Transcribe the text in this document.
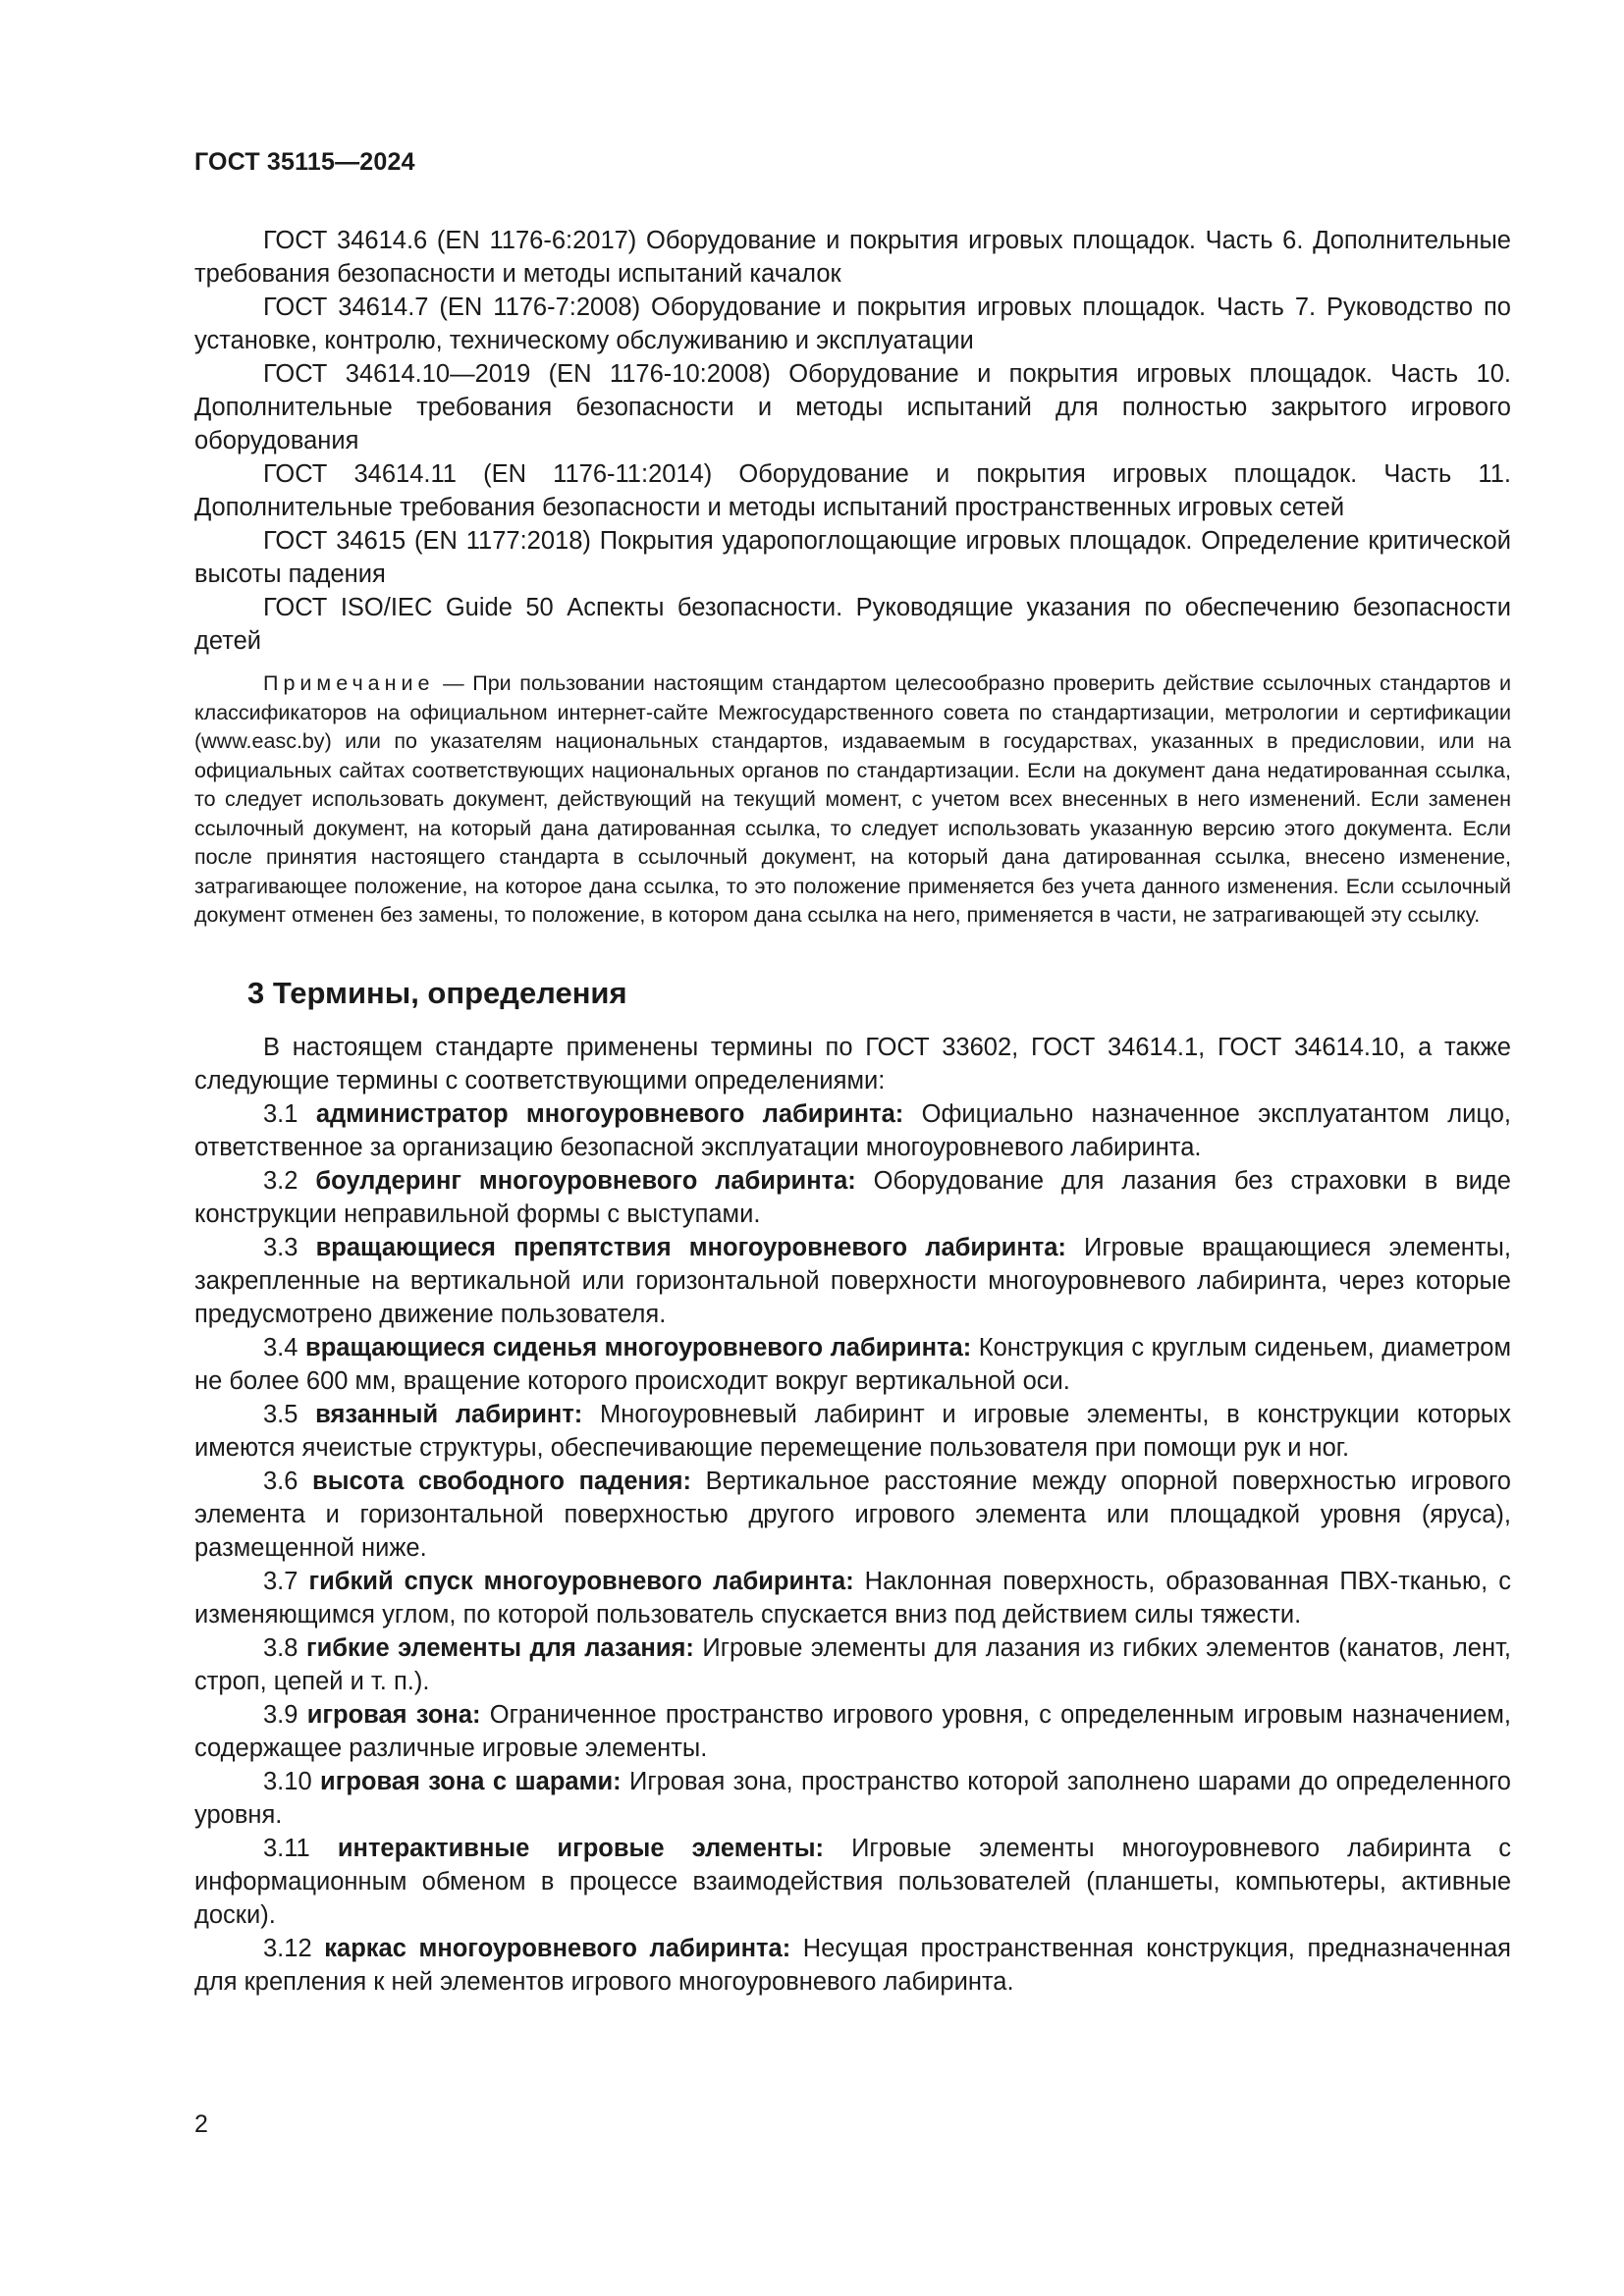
ГОСТ 35115—2024

ГОСТ 34614.6 (EN 1176-6:2017) Оборудование и покрытия игровых площадок. Часть 6. Дополнительные требования безопасности и методы испытаний качалок

ГОСТ 34614.7 (EN 1176-7:2008) Оборудование и покрытия игровых площадок. Часть 7. Руководство по установке, контролю, техническому обслуживанию и эксплуатации

ГОСТ 34614.10—2019 (EN 1176-10:2008) Оборудование и покрытия игровых площадок. Часть 10. Дополнительные требования безопасности и методы испытаний для полностью закрытого игрового оборудования

ГОСТ 34614.11 (EN 1176-11:2014) Оборудование и покрытия игровых площадок. Часть 11. Дополнительные требования безопасности и методы испытаний пространственных игровых сетей

ГОСТ 34615 (EN 1177:2018) Покрытия ударопоглощающие игровых площадок. Определение критической высоты падения

ГОСТ ISO/IEC Guide 50 Аспекты безопасности. Руководящие указания по обеспечению безопасности детей

Примечание — При пользовании настоящим стандартом целесообразно проверить действие ссылочных стандартов и классификаторов на официальном интернет-сайте Межгосударственного совета по стандартизации, метрологии и сертификации (www.easc.by) или по указателям национальных стандартов, издаваемым в государствах, указанных в предисловии, или на официальных сайтах соответствующих национальных органов по стандартизации. Если на документ дана недатированная ссылка, то следует использовать документ, действующий на текущий момент, с учетом всех внесенных в него изменений. Если заменен ссылочный документ, на который дана датированная ссылка, то следует использовать указанную версию этого документа. Если после принятия настоящего стандарта в ссылочный документ, на который дана датированная ссылка, внесено изменение, затрагивающее положение, на которое дана ссылка, то это положение применяется без учета данного изменения. Если ссылочный документ отменен без замены, то положение, в котором дана ссылка на него, применяется в части, не затрагивающей эту ссылку.

3 Термины, определения

В настоящем стандарте применены термины по ГОСТ 33602, ГОСТ 34614.1, ГОСТ 34614.10, а также следующие термины с соответствующими определениями:

3.1 администратор многоуровневого лабиринта: Официально назначенное эксплуатантом лицо, ответственное за организацию безопасной эксплуатации многоуровневого лабиринта.

3.2 боулдеринг многоуровневого лабиринта: Оборудование для лазания без страховки в виде конструкции неправильной формы с выступами.

3.3 вращающиеся препятствия многоуровневого лабиринта: Игровые вращающиеся элементы, закрепленные на вертикальной или горизонтальной поверхности многоуровневого лабиринта, через которые предусмотрено движение пользователя.

3.4 вращающиеся сиденья многоуровневого лабиринта: Конструкция с круглым сиденьем, диаметром не более 600 мм, вращение которого происходит вокруг вертикальной оси.

3.5 вязанный лабиринт: Многоуровневый лабиринт и игровые элементы, в конструкции которых имеются ячеистые структуры, обеспечивающие перемещение пользователя при помощи рук и ног.

3.6 высота свободного падения: Вертикальное расстояние между опорной поверхностью игрового элемента и горизонтальной поверхностью другого игрового элемента или площадкой уровня (яруса), размещенной ниже.

3.7 гибкий спуск многоуровневого лабиринта: Наклонная поверхность, образованная ПВХ-тканью, с изменяющимся углом, по которой пользователь спускается вниз под действием силы тяжести.

3.8 гибкие элементы для лазания: Игровые элементы для лазания из гибких элементов (канатов, лент, строп, цепей и т. п.).

3.9 игровая зона: Ограниченное пространство игрового уровня, с определенным игровым назначением, содержащее различные игровые элементы.

3.10 игровая зона с шарами: Игровая зона, пространство которой заполнено шарами до определенного уровня.

3.11 интерактивные игровые элементы: Игровые элементы многоуровневого лабиринта с информационным обменом в процессе взаимодействия пользователей (планшеты, компьютеры, активные доски).

3.12 каркас многоуровневого лабиринта: Несущая пространственная конструкция, предназначенная для крепления к ней элементов игрового многоуровневого лабиринта.

2
